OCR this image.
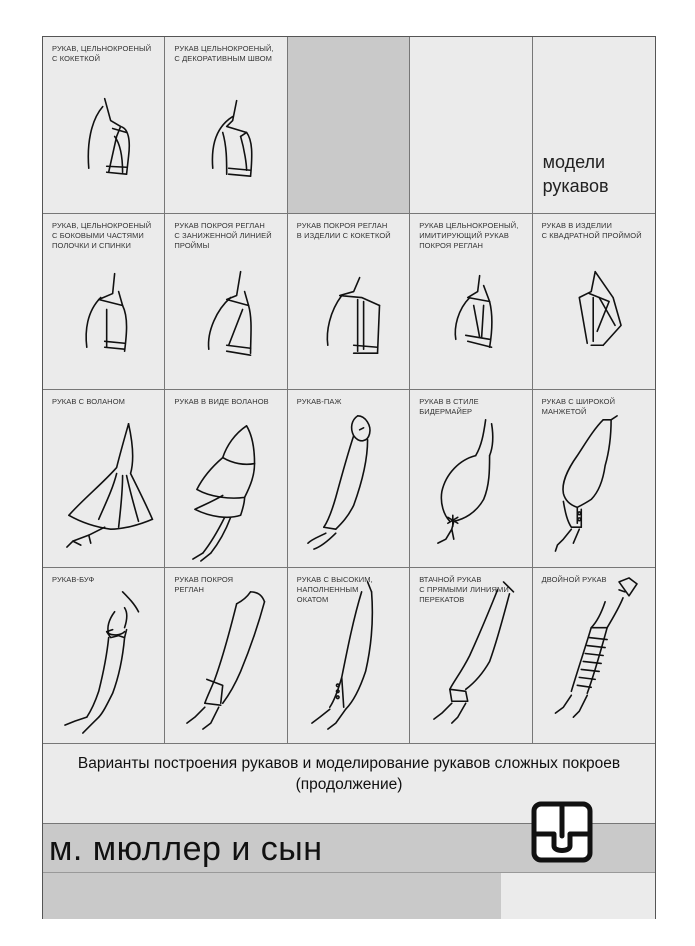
РУКАВ, ЦЕЛЬНОКРОЕНЫЙ
С КОКЕТКОЙ
РУКАВ ЦЕЛЬНОКРОЕНЫЙ,
С ДЕКОРАТИВНЫМ ШВОМ
модели
рукавов
РУКАВ, ЦЕЛЬНОКРОЕНЫЙ
С БОКОВЫМИ ЧАСТЯМИ
ПОЛОЧКИ И СПИНКИ
РУКАВ ПОКРОЯ РЕГЛАН
С ЗАНИЖЕННОЙ ЛИНИЕЙ
ПРОЙМЫ
РУКАВ ПОКРОЯ РЕГЛАН
В ИЗДЕЛИИ С КОКЕТКОЙ
РУКАВ ЦЕЛЬНОКРОЕНЫЙ,
ИМИТИРУЮЩИЙ РУКАВ
ПОКРОЯ РЕГЛАН
РУКАВ В ИЗДЕЛИИ
С КВАДРАТНОЙ ПРОЙМОЙ
РУКАВ С ВОЛАНОМ	РУКАВ В ВИДЕ ВОЛАНОВ	РУКАВ-ПАЖ	РУКАВ В СТИЛЕ
БИДЕРМАЙЕР
РУКАВ С ШИРОКОЙ
МАНЖЕТОЙ
РУКАВ-БУФ	РУКАВ ПОКРОЯ
РЕГЛАН
РУКАВ С ВЫСОКИМ,
НАПОЛНЕННЫМ
ОКАТОМ
ВТАЧНОЙ РУКАВ
С ПРЯМЫМИ ЛИНИЯМИ
ПЕРЕКАТОВ
ДВОЙНОЙ РУКАВ
Варианты построения рукавов и моделирование рукавов сложных покроев (продолжение)
м. мюллер и сын
